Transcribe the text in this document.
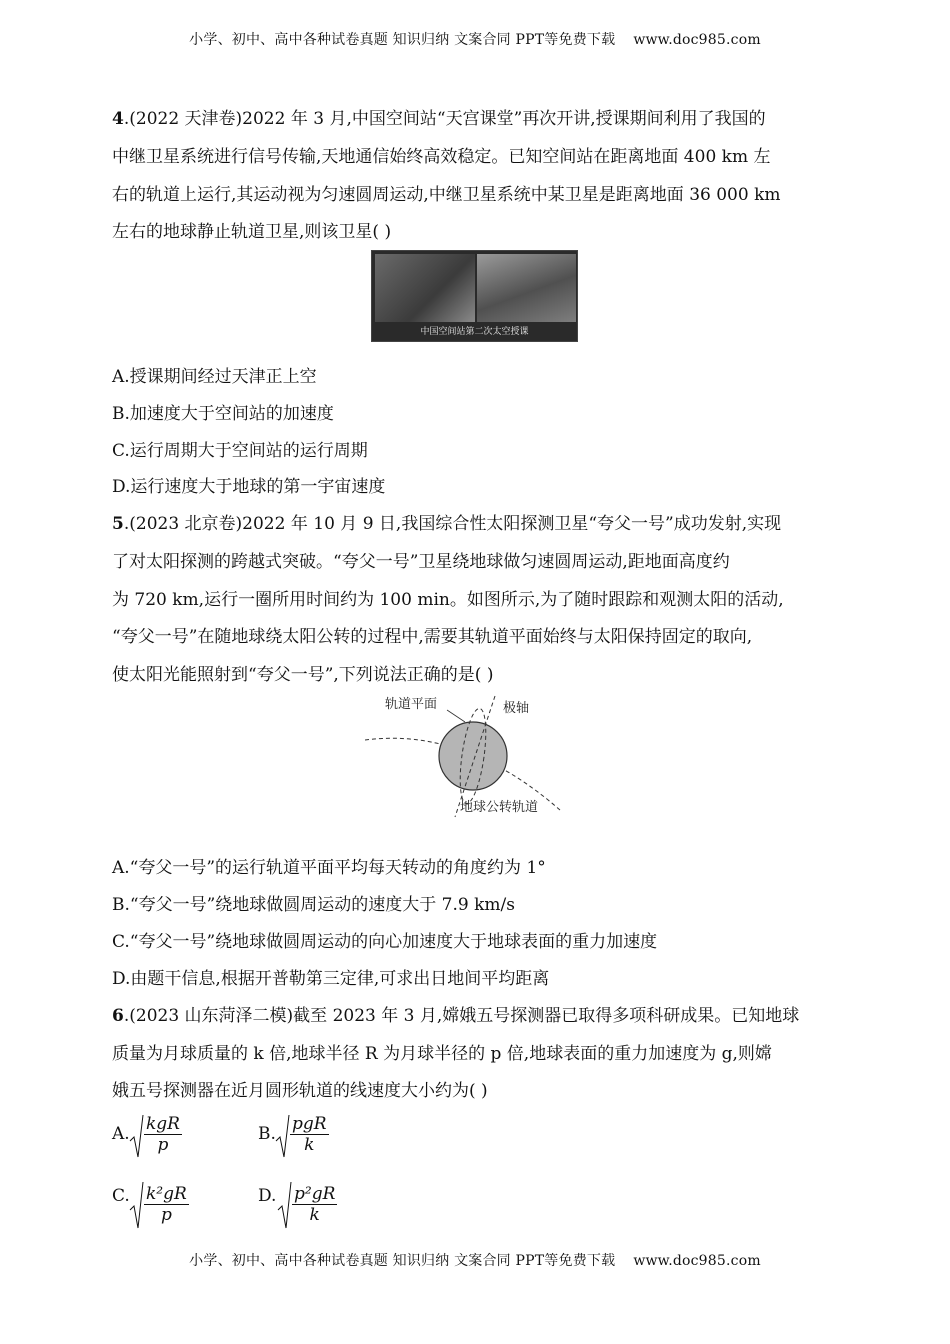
小学、初中、高中各种试卷真题 知识归纳 文案合同 PPT等免费下载 www.doc985.com
4.(2022 天津卷)2022 年 3 月,中国空间站“天宫课堂”再次开讲,授课期间利用了我国的
中继卫星系统进行信号传输,天地通信始终高效稳定。已知空间站在距离地面 400 km 左
右的轨道上运行,其运动视为匀速圆周运动,中继卫星系统中某卫星是距离地面 36 000 km
左右的地球静止轨道卫星,则该卫星( )
中国空间站第二次太空授课
A.授课期间经过天津正上空
B.加速度大于空间站的加速度
C.运行周期大于空间站的运行周期
D.运行速度大于地球的第一宇宙速度
5.(2023 北京卷)2022 年 10 月 9 日,我国综合性太阳探测卫星“夸父一号”成功发射,实现
了对太阳探测的跨越式突破。“夸父一号”卫星绕地球做匀速圆周运动,距地面高度约
为 720 km,运行一圈所用时间约为 100 min。如图所示,为了随时跟踪和观测太阳的活动,
“夸父一号”在随地球绕太阳公转的过程中,需要其轨道平面始终与太阳保持固定的取向,
使太阳光能照射到“夸父一号”,下列说法正确的是( )
轨道平面	极轴
地球公转轨道
A.“夸父一号”的运行轨道平面平均每天转动的角度约为 1°
B.“夸父一号”绕地球做圆周运动的速度大于 7.9 km/s
C.“夸父一号”绕地球做圆周运动的向心加速度大于地球表面的重力加速度
D.由题干信息,根据开普勒第三定律,可求出日地间平均距离
6.(2023 山东菏泽二模)截至 2023 年 3 月,嫦娥五号探测器已取得多项科研成果。已知地球
质量为月球质量的 k 倍,地球半径 R 为月球半径的 p 倍,地球表面的重力加速度为 g,则嫦
娥五号探测器在近月圆形轨道的线速度大小约为( )
A. kgR
p
B. pgR
k
C. $\frac{\text{k²gR}}{p}$	D. $\frac{\text{p²gR}}{k}$
小学、初中、高中各种试卷真题 知识归纳 文案合同 PPT等免费下载 www.doc985.com
